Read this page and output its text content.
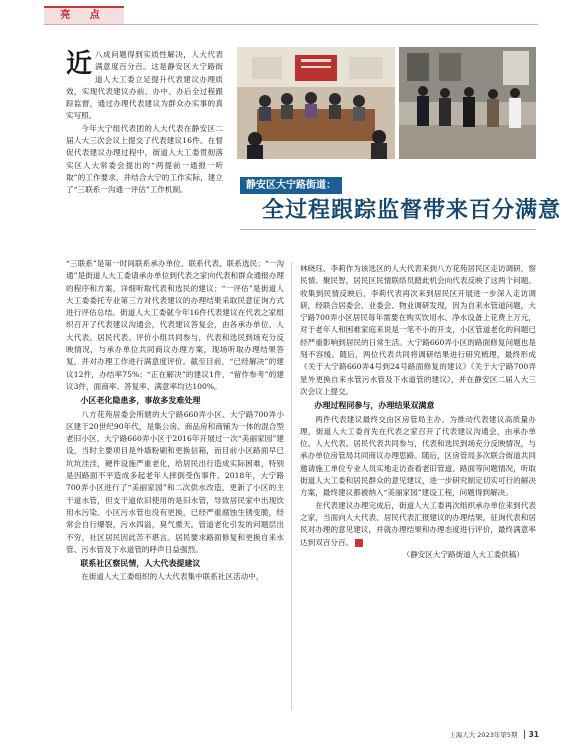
亮 点
静安区大宁路街道：
全过程跟踪监督带来百分满意

近八成问题得到实质性解决，人大代表满意度百分百。这是静安区大宁路街道人大工委立足提升代表建议办理质效，实现代表建议办前、办中、办后全过程跟踪监督，通过办理代表建议为群众办实事的真实写照。

今年大宁组代表团的人大代表在静安区二届人大三次会议上提交了代表建议16件。在督促代表建议办理过程中，街道人大工委贯彻落实区人大常委会提出的“两提前一通报一听取”的工作要求，并结合大宁的工作实际，建立了“三联系一沟通一评估”工作机制。

“三联系”是第一时间联系承办单位、联系代表、联系选民；“一沟通”是街道人大工委请承办单位到代表之家向代表和群众通报办理的程序和方案，详细听取代表和选民的建议；“一评估”是街道人大工委委托专业第三方对代表建议的办理结果采取民意征询方式进行评估总结。街道人大工委就今年16件代表建议在代表之家组织召开了代表建议沟通会，代表建议答复会，由各承办单位、人大代表、居民代表、评价小组共同参与，代表和选民到场充分反映情况，与承办单位共同商议办理方案，现场听取办理结果答复，并对办理工作进行满意度评价。截至目前，“已经解决”的建议12件，办结率75%；“正在解决”的建议1件，“留作参考”的建议3件，面商率、答复率、满意率均达100%。

小区老化隐患多，事故多发难处理

八方花苑居委会所辖的大宁路660弄小区、大宁路700弄小区建于20世纪90年代，是集公房、商品房和商铺为一体的混合型老旧小区。大宁路660弄小区于2016年开展过一次“美丽家园”建设，当时主要项目是外墙粉刷和更换信箱，而目前小区路面早已坑坑洼洼，硬件设施严重老化，给居民出行造成实际困难，特别是因路面不平造成多起老年人摔倒受伤事件。2018年，大宁路700弄小区进行了“美丽家园”和二次供水改造，更新了小区的主干道水管，但支干道依旧使用的是旧水管，导致居民家中出现饮用水污染。小区污水管也没有更换，已经严重腐蚀生锈变脆，经常会自行爆裂，污水四溢，臭气熏天。管道老化引发的问题层出不穷，社区居民因此苦不堪言。居民要求路面修复和更换自来水管、污水管及下水道管的呼声日益强烈。

联系社区察民情，人大代表提建议

在街道人大工委组织的人大代表集中联系社区活动中，

林晓珏、李莉作为该选区的人大代表来到八方花苑居民区走访调研，察民情、聚民智，居民区民情联络员踏此机会向代表反映了这两个问题。收集到民情反映后，李莉代表再次来到居民区开展进一步深入走访调研，经联合居委会、业委会、物业调研发现，因为自来水管道问题，大宁路700弄小区居民每年需要在购买饮用水、净水设备上花费上万元，对于老年人和困难家庭来说是一笔不小的开支，小区管道老化的问题已经严重影响到居民的日常生活。大宁路660弄小区的路面修复问题也是刻不容缓。随后，两位代表共同将调研结果进行研究梳理，最终形成《关于大宁路660弄4号到24号路面修复的建议》《关于大宁路700弄星外更换自来水管污水管及下水道管的建议》，并在静安区二届人大三次会议上提交。

办理过程同参与，办理结果双满意

两件代表建议最终交由区房管局主办。为推动代表建议高质量办理，街道人大工委首先在代表之家召开了代表建议沟通会，由承办单位、人大代表、居民代表共同参与，代表和选民到场充分反映情况，与承办单位房管局共同商议办理思路。随后，区房管局多次联合街道共同邀请施工单位专业人员实地走访查看老旧管道、路面等问题情况，听取街道人大工委和居民群众的意见建议，进一步研究制定切实可行的解决方案，最终建议都被纳入“美丽家园”建设工程，问题得到解决。

在代表建议办理完成后，街道人大工委再次组织承办单位来到代表之家，当面向人大代表、居民代表汇报建议的办理结果，征询代表和居民对办理的意见建议，并就办理结果和办理态度进行评价，最终满意率达到双百分百。	A

（静安区大宁路街道人大工委供稿）

上海人大 2023年第5期 31
